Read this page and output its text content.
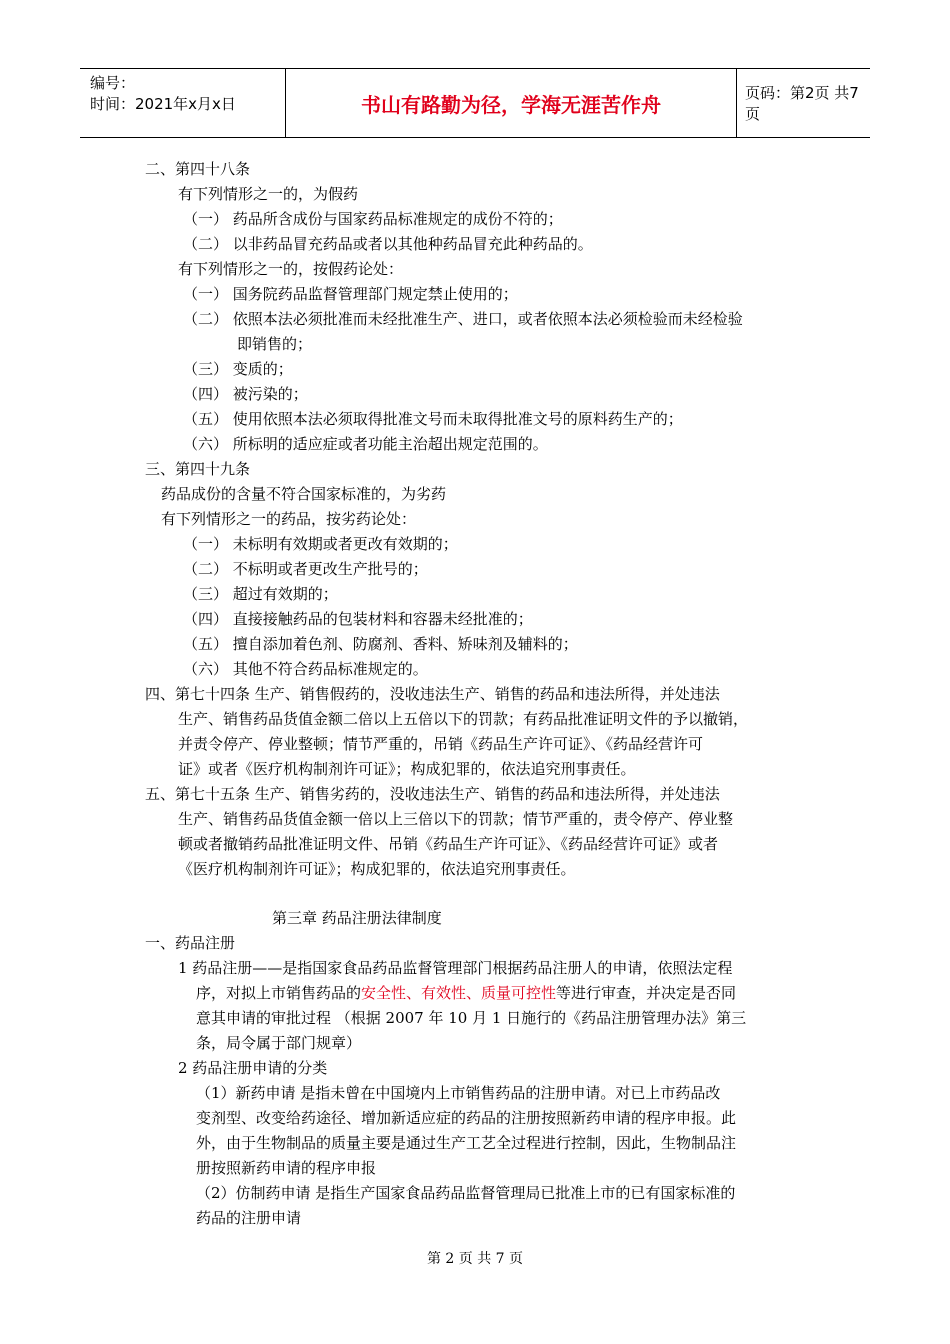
编号：
时间：2021年x月x日	书山有路勤为径，学海无涯苦作舟	页码：第2页 共7页
二、第四十八条
有下列情形之一的，为假药
（一） 药品所含成份与国家药品标准规定的成份不符的；
（二） 以非药品冒充药品或者以其他种药品冒充此种药品的。
有下列情形之一的，按假药论处：
（一） 国务院药品监督管理部门规定禁止使用的；
（二） 依照本法必须批准而未经批准生产、进口，或者依照本法必须检验而未经检验
即销售的；
（三） 变质的；
（四） 被污染的；
（五） 使用依照本法必须取得批准文号而未取得批准文号的原料药生产的；
（六） 所标明的适应症或者功能主治超出规定范围的。
三、第四十九条
药品成份的含量不符合国家标准的，为劣药
有下列情形之一的药品，按劣药论处：
（一） 未标明有效期或者更改有效期的；
（二） 不标明或者更改生产批号的；
（三） 超过有效期的；
（四） 直接接触药品的包装材料和容器未经批准的；
（五） 擅自添加着色剂、防腐剂、香料、矫味剂及辅料的；
（六） 其他不符合药品标准规定的。
四、第七十四条 生产、销售假药的，没收违法生产、销售的药品和违法所得，并处违法
生产、销售药品货值金额二倍以上五倍以下的罚款；有药品批准证明文件的予以撤销，
并责令停产、停业整顿；情节严重的，吊销《药品生产许可证》、《药品经营许可
证》或者《医疗机构制剂许可证》；构成犯罪的，依法追究刑事责任。
五、第七十五条 生产、销售劣药的，没收违法生产、销售的药品和违法所得，并处违法
生产、销售药品货值金额一倍以上三倍以下的罚款；情节严重的，责令停产、停业整
顿或者撤销药品批准证明文件、吊销《药品生产许可证》、《药品经营许可证》或者
《医疗机构制剂许可证》；构成犯罪的，依法追究刑事责任。
第三章 药品注册法律制度
一、药品注册
1 药品注册——是指国家食品药品监督管理部门根据药品注册人的申请，依照法定程
序，对拟上市销售药品的安全性、有效性、质量可控性等进行审查，并决定是否同
意其申请的审批过程 （根据 2007 年 10 月 1 日施行的《药品注册管理办法》第三
条，局令属于部门规章）
2 药品注册申请的分类
（1）新药申请 是指未曾在中国境内上市销售药品的注册申请。对已上市药品改
变剂型、改变给药途径、增加新适应症的药品的注册按照新药申请的程序申报。此
外，由于生物制品的质量主要是通过生产工艺全过程进行控制，因此，生物制品注
册按照新药申请的程序申报
（2）仿制药申请 是指生产国家食品药品监督管理局已批准上市的已有国家标准的
药品的注册申请
第 2 页 共 7 页
